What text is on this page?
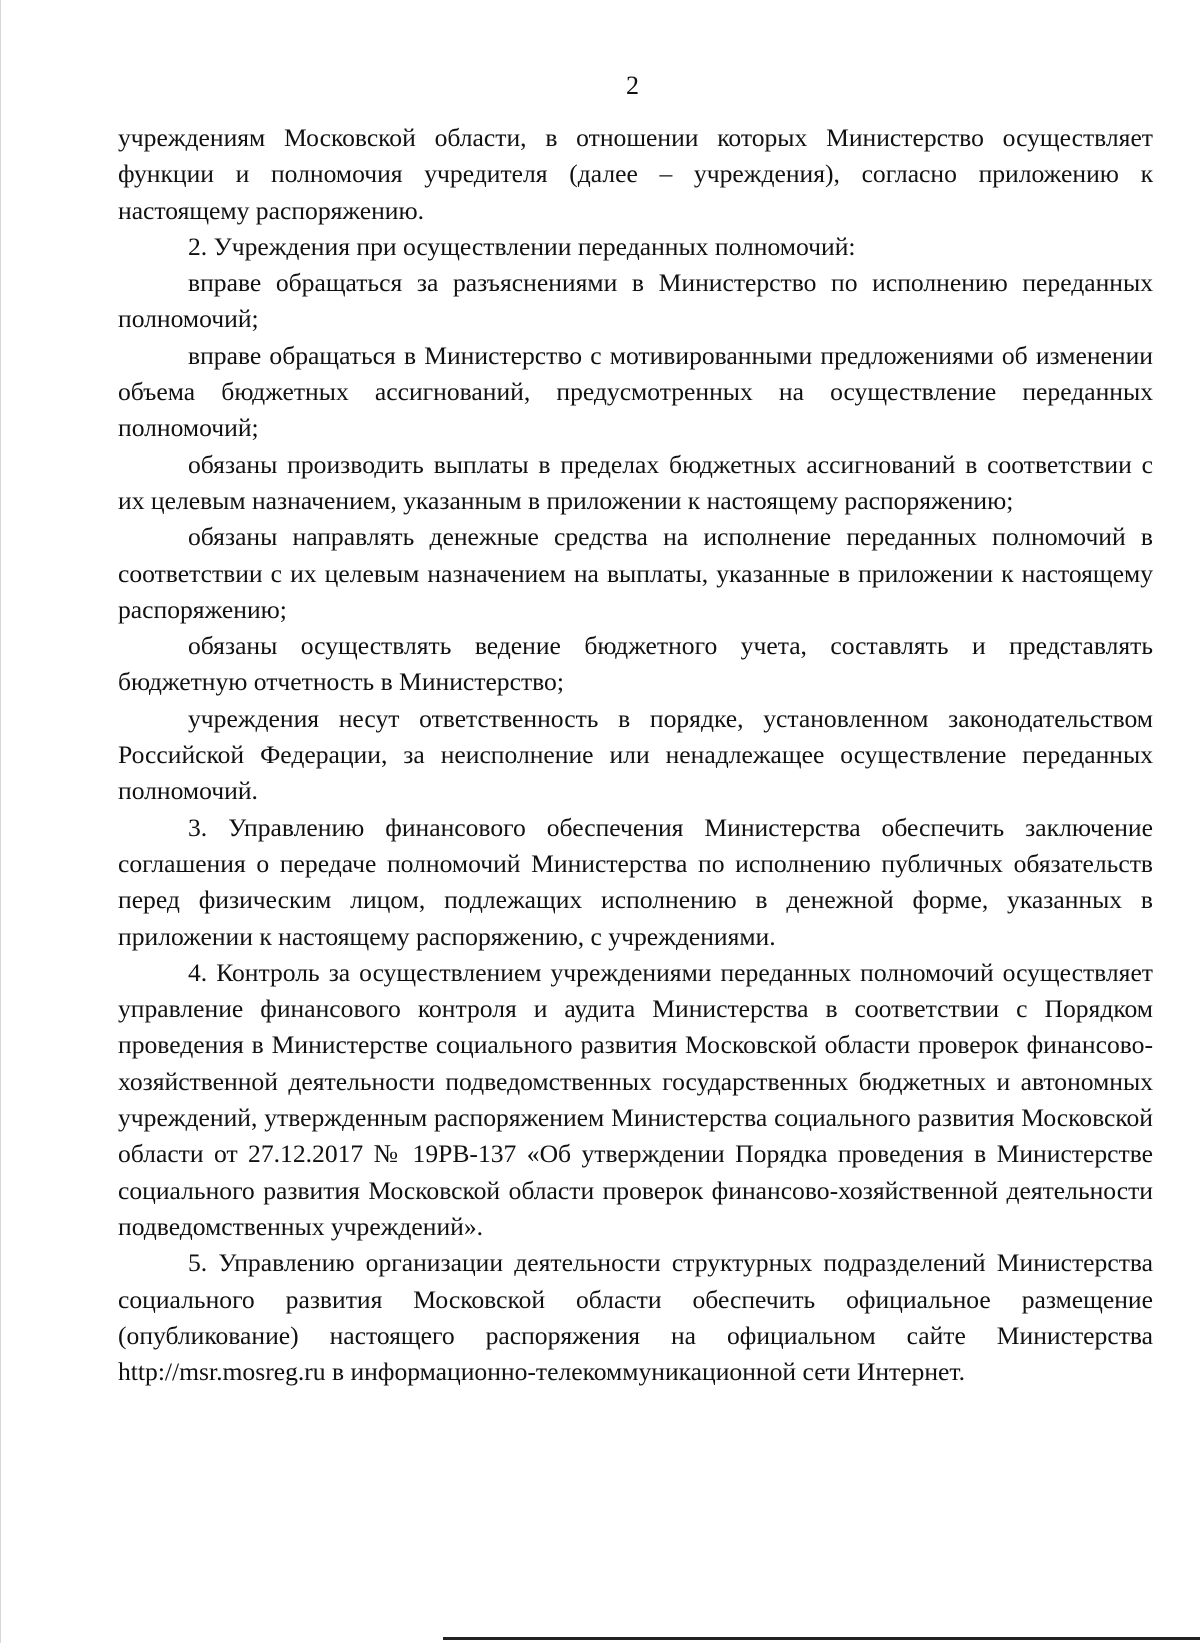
2

учреждениям Московской области, в отношении которых Министерство осуществляет функции и полномочия учредителя (далее – учреждения), согласно приложению к настоящему распоряжению.

2. Учреждения при осуществлении переданных полномочий:

вправе обращаться за разъяснениями в Министерство по исполнению переданных полномочий;

вправе обращаться в Министерство с мотивированными предложениями об изменении объема бюджетных ассигнований, предусмотренных на осуществление переданных полномочий;

обязаны производить выплаты в пределах бюджетных ассигнований в соответствии с их целевым назначением, указанным в приложении к настоящему распоряжению;

обязаны направлять денежные средства на исполнение переданных полномочий в соответствии с их целевым назначением на выплаты, указанные в приложении к настоящему распоряжению;

обязаны осуществлять ведение бюджетного учета, составлять и представлять бюджетную отчетность в Министерство;

учреждения несут ответственность в порядке, установленном законодательством Российской Федерации, за неисполнение или ненадлежащее осуществление переданных полномочий.

3. Управлению финансового обеспечения Министерства обеспечить заключение соглашения о передаче полномочий Министерства по исполнению публичных обязательств перед физическим лицом, подлежащих исполнению в денежной форме, указанных в приложении к настоящему распоряжению, с учреждениями.

4. Контроль за осуществлением учреждениями переданных полномочий осуществляет управление финансового контроля и аудита Министерства в соответствии с Порядком проведения в Министерстве социального развития Московской области проверок финансово-хозяйственной деятельности подведомственных государственных бюджетных и автономных учреждений, утвержденным распоряжением Министерства социального развития Московской области от 27.12.2017 № 19РВ-137 «Об утверждении Порядка проведения в Министерстве социального развития Московской области проверок финансово-хозяйственной деятельности подведомственных учреждений».

5. Управлению организации деятельности структурных подразделений Министерства социального развития Московской области обеспечить официальное размещение (опубликование) настоящего распоряжения на официальном сайте Министерства http://msr.mosreg.ru в информационно-телекоммуникационной сети Интернет.
